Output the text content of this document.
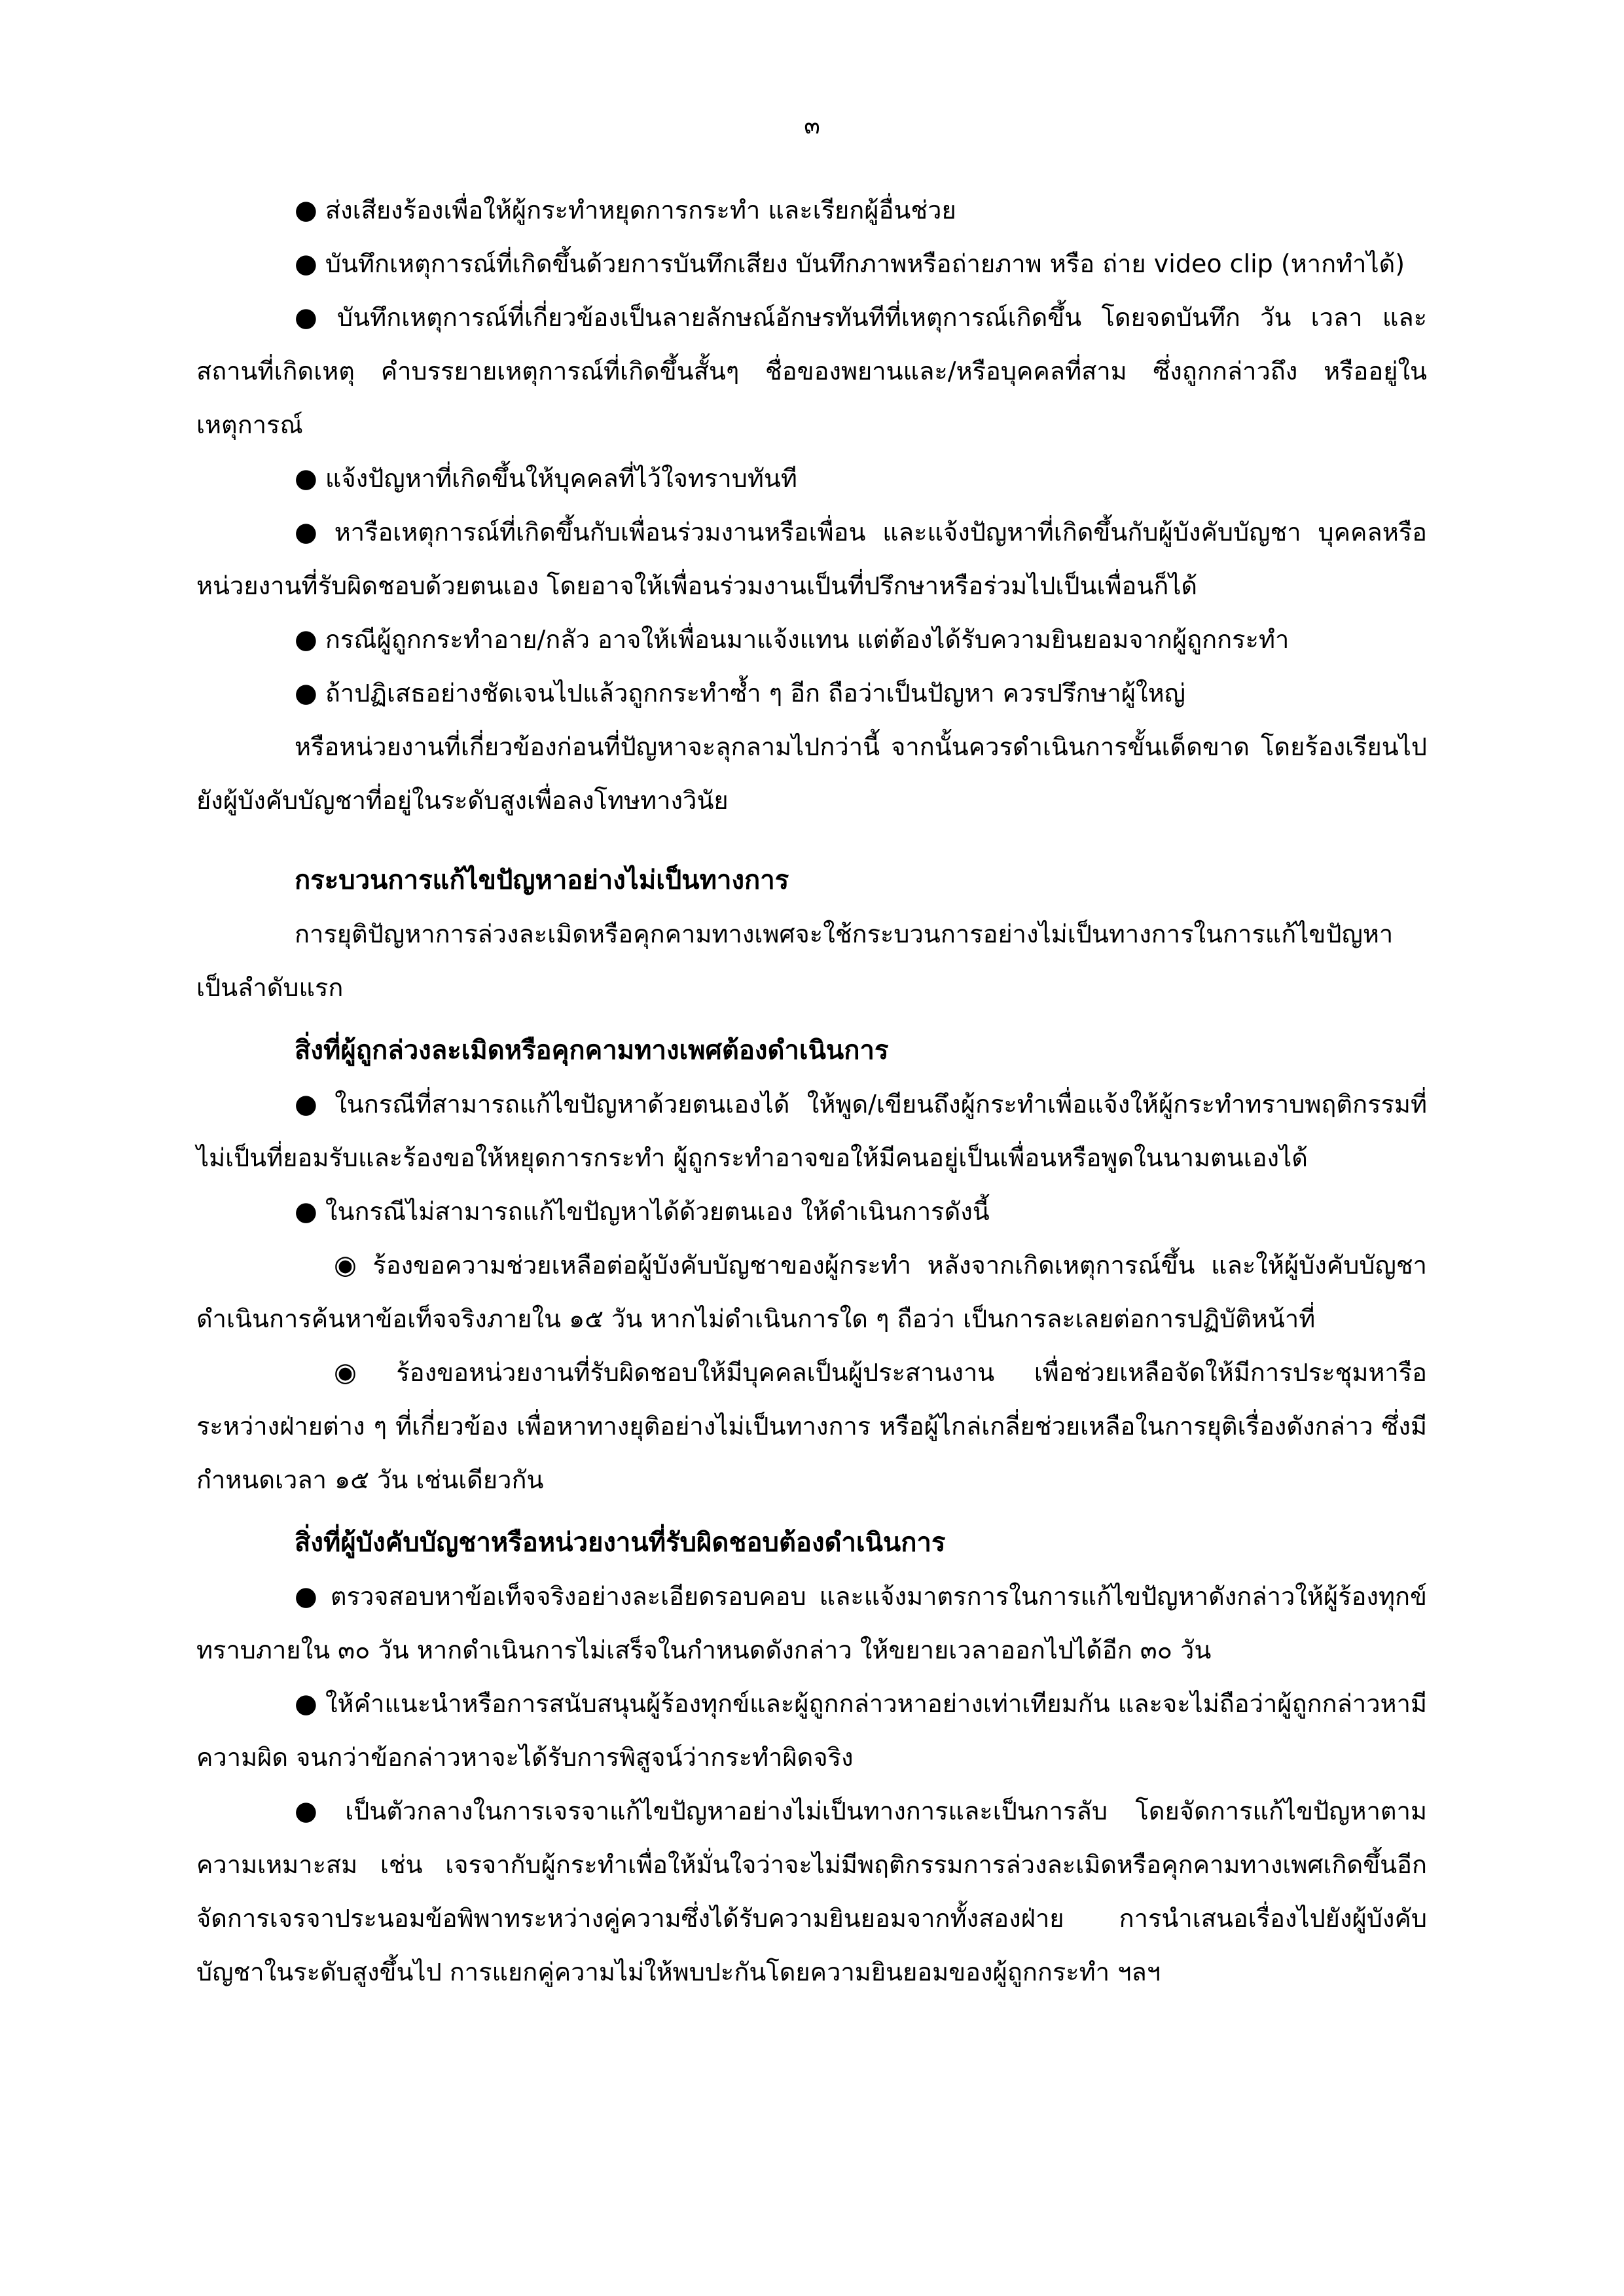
๓

● ส่งเสียงร้องเพื่อให้ผู้กระทำหยุดการกระทำ และเรียกผู้อื่นช่วย

● บันทึกเหตุการณ์ที่เกิดขึ้นด้วยการบันทึกเสียง บันทึกภาพหรือถ่ายภาพ หรือ ถ่าย video clip (หากทำได้)

● บันทึกเหตุการณ์ที่เกี่ยวข้องเป็นลายลักษณ์อักษรทันทีที่เหตุการณ์เกิดขึ้น โดยจดบันทึก วัน เวลา และสถานที่เกิดเหตุ คำบรรยายเหตุการณ์ที่เกิดขึ้นสั้นๆ ชื่อของพยานและ/หรือบุคคลที่สาม ซึ่งถูกกล่าวถึง หรืออยู่ในเหตุการณ์

● แจ้งปัญหาที่เกิดขึ้นให้บุคคลที่ไว้ใจทราบทันที

● หารือเหตุการณ์ที่เกิดขึ้นกับเพื่อนร่วมงานหรือเพื่อน และแจ้งปัญหาที่เกิดขึ้นกับผู้บังคับบัญชา บุคคลหรือหน่วยงานที่รับผิดชอบด้วยตนเอง โดยอาจให้เพื่อนร่วมงานเป็นที่ปรึกษาหรือร่วมไปเป็นเพื่อนก็ได้

● กรณีผู้ถูกกระทำอาย/กลัว อาจให้เพื่อนมาแจ้งแทน แต่ต้องได้รับความยินยอมจากผู้ถูกกระทำ

● ถ้าปฏิเสธอย่างชัดเจนไปแล้วถูกกระทำซ้ำ ๆ อีก ถือว่าเป็นปัญหา ควรปรึกษาผู้ใหญ่

หรือหน่วยงานที่เกี่ยวข้องก่อนที่ปัญหาจะลุกลามไปกว่านี้ จากนั้นควรดำเนินการขั้นเด็ดขาด โดยร้องเรียนไปยังผู้บังคับบัญชาที่อยู่ในระดับสูงเพื่อลงโทษทางวินัย

กระบวนการแก้ไขปัญหาอย่างไม่เป็นทางการ

การยุติปัญหาการล่วงละเมิดหรือคุกคามทางเพศจะใช้กระบวนการอย่างไม่เป็นทางการในการแก้ไขปัญหาเป็นลำดับแรก

สิ่งที่ผู้ถูกล่วงละเมิดหรือคุกคามทางเพศต้องดำเนินการ

● ในกรณีที่สามารถแก้ไขปัญหาด้วยตนเองได้ ให้พูด/เขียนถึงผู้กระทำเพื่อแจ้งให้ผู้กระทำทราบพฤติกรรมที่ไม่เป็นที่ยอมรับและร้องขอให้หยุดการกระทำ ผู้ถูกระทำอาจขอให้มีคนอยู่เป็นเพื่อนหรือพูดในนามตนเองได้

● ในกรณีไม่สามารถแก้ไขปัญหาได้ด้วยตนเอง ให้ดำเนินการดังนี้

◉ ร้องขอความช่วยเหลือต่อผู้บังคับบัญชาของผู้กระทำ หลังจากเกิดเหตุการณ์ขึ้น และให้ผู้บังคับบัญชาดำเนินการค้นหาข้อเท็จจริงภายใน ๑๕ วัน หากไม่ดำเนินการใด ๆ ถือว่า เป็นการละเลยต่อการปฏิบัติหน้าที่

◉ ร้องขอหน่วยงานที่รับผิดชอบให้มีบุคคลเป็นผู้ประสานงาน เพื่อช่วยเหลือจัดให้มีการประชุมหารือระหว่างฝ่ายต่าง ๆ ที่เกี่ยวข้อง เพื่อหาทางยุติอย่างไม่เป็นทางการ หรือผู้ไกล่เกลี่ยช่วยเหลือในการยุติเรื่องดังกล่าว ซึ่งมีกำหนดเวลา ๑๕ วัน เช่นเดียวกัน

สิ่งที่ผู้บังคับบัญชาหรือหน่วยงานที่รับผิดชอบต้องดำเนินการ

● ตรวจสอบหาข้อเท็จจริงอย่างละเอียดรอบคอบ และแจ้งมาตรการในการแก้ไขปัญหาดังกล่าวให้ผู้ร้องทุกข์ทราบภายใน ๓๐ วัน หากดำเนินการไม่เสร็จในกำหนดดังกล่าว ให้ขยายเวลาออกไปได้อีก ๓๐ วัน

● ให้คำแนะนำหรือการสนับสนุนผู้ร้องทุกข์และผู้ถูกกล่าวหาอย่างเท่าเทียมกัน และจะไม่ถือว่าผู้ถูกกล่าวหามีความผิด จนกว่าข้อกล่าวหาจะได้รับการพิสูจน์ว่ากระทำผิดจริง

● เป็นตัวกลางในการเจรจาแก้ไขปัญหาอย่างไม่เป็นทางการและเป็นการลับ โดยจัดการแก้ไขปัญหาตามความเหมาะสม เช่น เจรจากับผู้กระทำเพื่อให้มั่นใจว่าจะไม่มีพฤติกรรมการล่วงละเมิดหรือคุกคามทางเพศเกิดขึ้นอีก จัดการเจรจาประนอมข้อพิพาทระหว่างคู่ความซึ่งได้รับความยินยอมจากทั้งสองฝ่าย การนำเสนอเรื่องไปยังผู้บังคับบัญชาในระดับสูงขึ้นไป การแยกคู่ความไม่ให้พบปะกันโดยความยินยอมของผู้ถูกกระทำ ฯลฯ
